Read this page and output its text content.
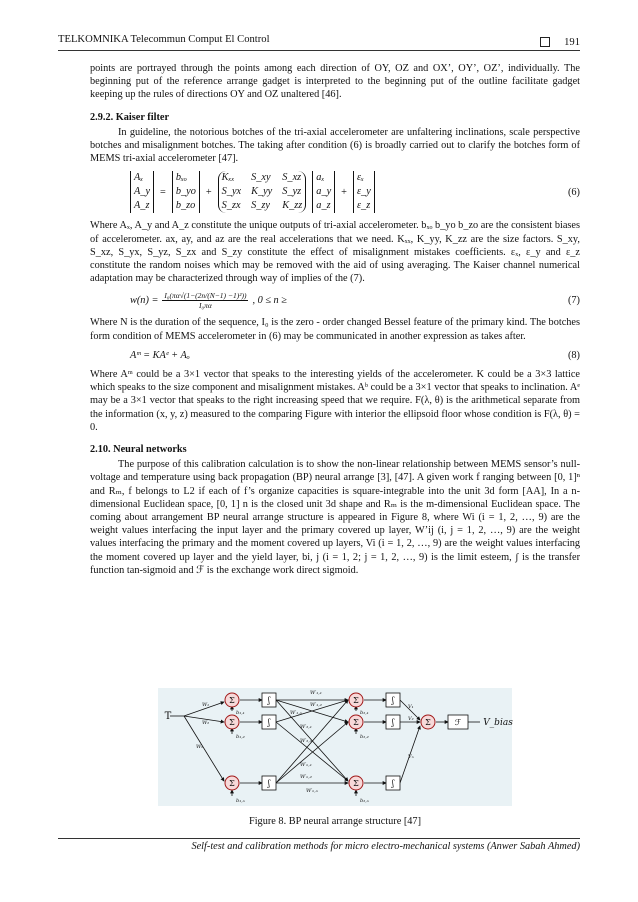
TELKOMNIKA Telecommun Comput El Control	191

points are portrayed through the points among each direction of OY, OZ and OX’, OY’, OZ’, individually. The beginning put of the reference arrange gadget is interpreted to the beginning put of the outline facilitate gadget keeping up the rules of directions OY and OZ unaltered [46].

2.9.2. Kaiser filter

In guideline, the notorious botches of the tri-axial accelerometer are unfaltering inclinations, scale perspective botches and misalignment botches. The taking after condition (6) is broadly carried out to clarify the botches form of MEMS tri-axial accelerometer [47].

Aₓ
A_y
A_z
=
bₓₒ
b_yo
b_zo
+
Kₓₓ	S_xy S_xz
S_yx K_yy S_yz
S_zx S_zy K_zz
aₓ
a_y
a_z
+
εₓ
ε_y
ε_z
(6)

Where Aₓ, A_y and A_z constitute the unique outputs of tri-axial accelerometer. bₓₒ b_yo b_zo are the consistent biases of accelerometer. ax, ay, and az are the real accelerations that we need. Kₓₓ, K_yy, K_zz are the size factors. S_xy, S_xz, S_yx, S_yz, S_zx and S_zy constitute the effect of misalignment mistakes coefficients. εₓ, ε_y and ε_z constitute the random noises which may be removed with the aid of using averaging. The Kaiser channel numerical adaptation may be characterized through way of implies of the (7).

$w(n) = \frac{\text{I₀(πα√(1−(2n/(N−1) −1)²))}}{\text{I₀πα}}$ , 0 ≤ n ≥	(7)

Where N is the duration of the sequence, I₀ is the zero - order changed Bessel feature of the primary kind. The botches form condition of MEMS accelerometer in (6) may be communicated in another expression as takes after.

Aᵐ = KAᵉ + Aₒ	(8)

Where Aᵐ could be a 3×1 vector that speaks to the interesting yields of the accelerometer. K could be a 3×3 lattice which speaks to the size component and misalignment mistakes. Aᵇ could be a 3×1 vector that speaks to inclination. Aᵉ may be a 3×1 vector that speaks to the right increasing speed that we require. F(λ, θ) is the arithmetical separate from the information (x, y, z) measured to the comparing Figure with interior the ellipsoid floor whose condition is F(λ, θ) = 0.

2.10. Neural networks

The purpose of this calibration calculation is to show the non-linear relationship between MEMS sensor’s null-voltage and temperature using back propagation (BP) neural arrange [3], [47]. A given work f ranging between [0, 1]ⁿ and Rₘ, f belongs to L2 if each of f’s organize capacities is square-integrable into the unit 3d form [AA], In a n-dimensional Euclidean space, [0, 1] n is the closed unit 3d shape and Rₘ is the m-dimensional Euclidean space. The coming about arrangement BP neural arrange structure is appeared in Figure 8, where Wi (i = 1, 2, …, 9) are the weight values interfacing the input layer and the primary covered up layer, W’ij (i, j = 1, 2, …, 9) are the weight values interfacing the primary and the moment covered up layers, Vi (i = 1, 2, …, 9) are the weight values interfacing the moment covered up layer and the yield layer, bi, j (i = 1, 2; j = 1, 2, …, 9) is the limit esteem, ʃ is the transfer function tan-sigmoid and ℱ is the exchange work direct sigmoid.

Σ
Σ
Σ
Σ
Σ
Σ
Σ
ʃ
ʃ
ʃ
ʃ
ʃ
ʃ
ℱ
T
V_bias
W₁
W₂
Wₙ
b₁,₁
b₁,₂
b₁,ₙ
b₂,₁
b₂,₂
b₂,ₙ
W′₁,₁
W′₁,₂
W′₁,ₙ
W′₂,₁
W′₂,ₙ
W′ₙ,₁
W′ₙ,₂
W′ₙ,ₙ
V₁
V₂
Vₙ
Figure 8. BP neural arrange structure [47]
Self-test and calibration methods for micro electro-mechanical systems (Anwer Sabah Ahmed)
